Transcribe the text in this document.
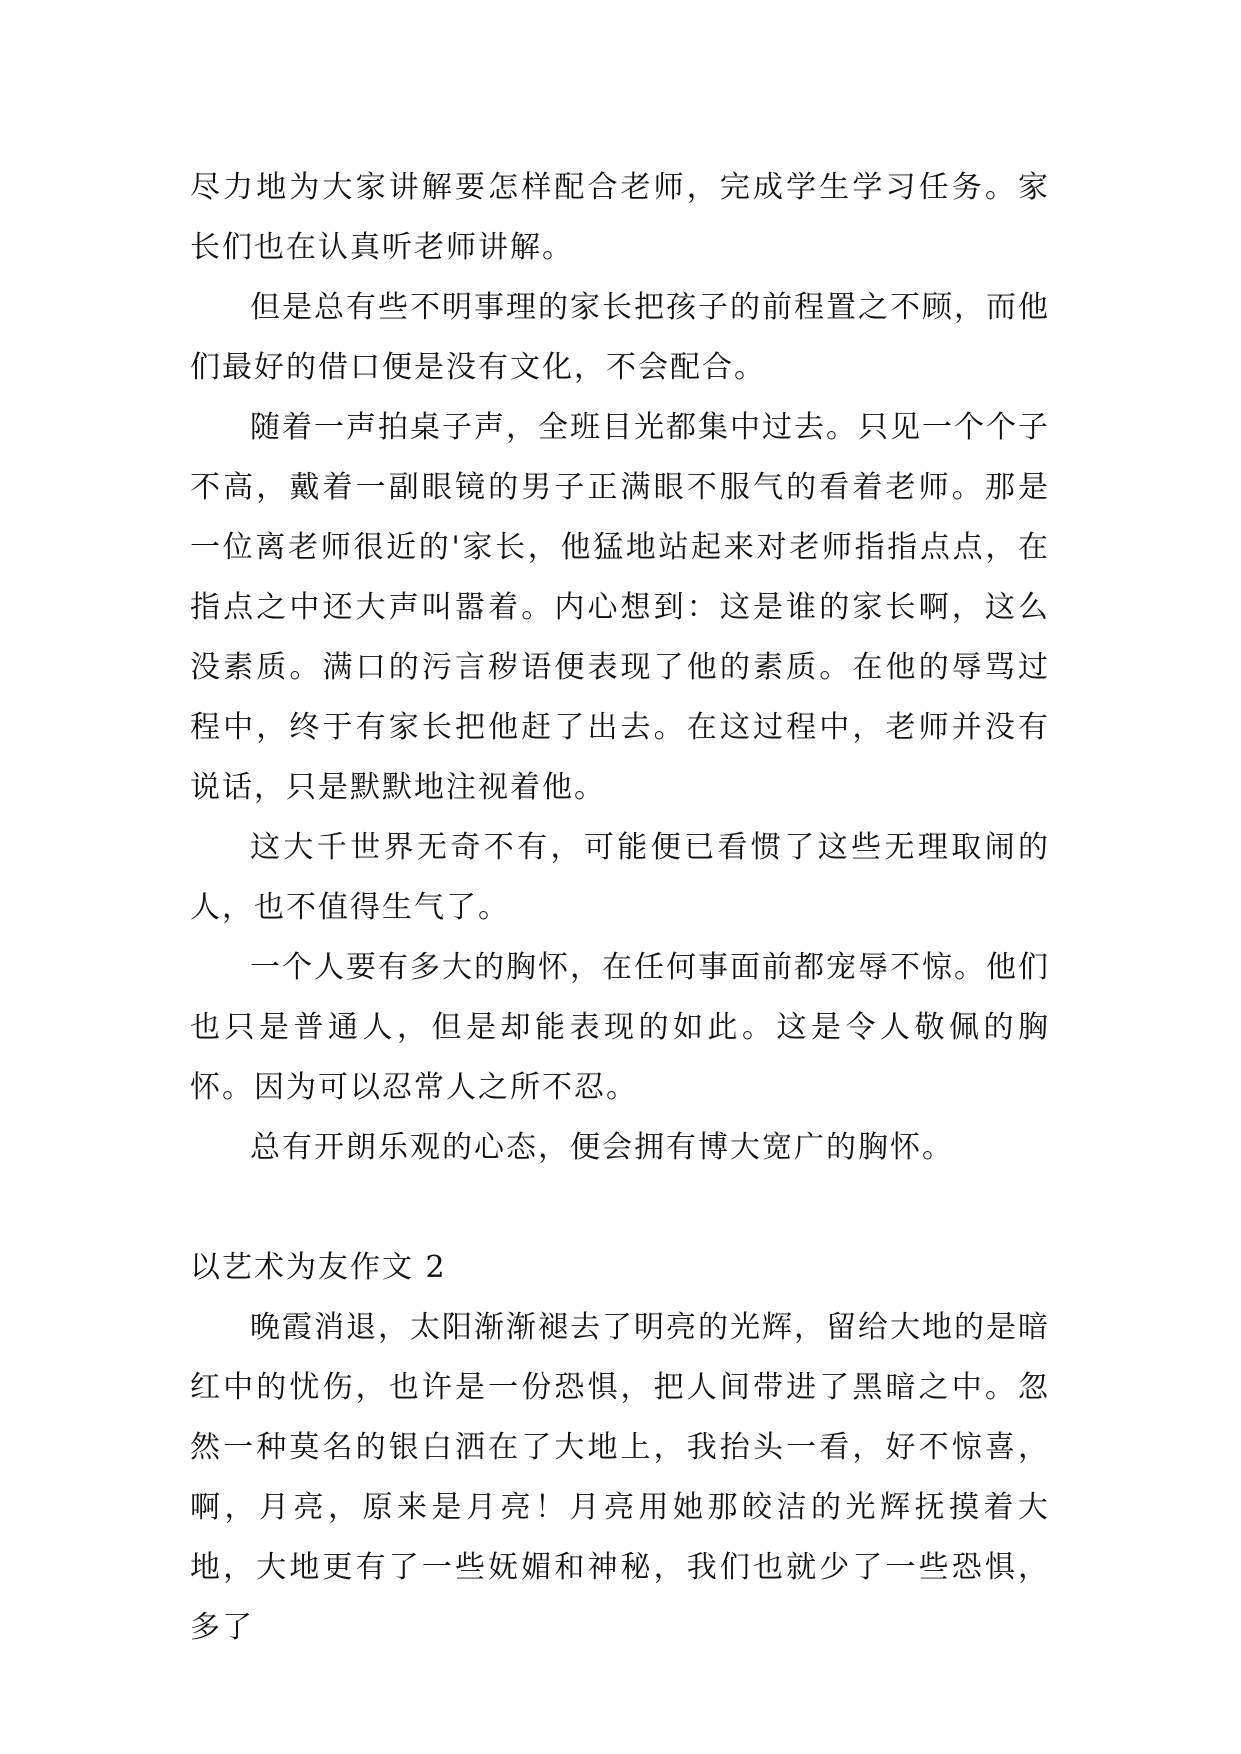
尽力地为大家讲解要怎样配合老师，完成学生学习任务。家长们也在认真听老师讲解。

但是总有些不明事理的家长把孩子的前程置之不顾，而他们最好的借口便是没有文化，不会配合。

随着一声拍桌子声，全班目光都集中过去。只见一个个子不高，戴着一副眼镜的男子正满眼不服气的看着老师。那是一位离老师很近的'家长，他猛地站起来对老师指指点点，在指点之中还大声叫嚣着。内心想到：这是谁的家长啊，这么没素质。满口的污言秽语便表现了他的素质。在他的辱骂过程中，终于有家长把他赶了出去。在这过程中，老师并没有说话，只是默默地注视着他。

这大千世界无奇不有，可能便已看惯了这些无理取闹的人，也不值得生气了。

一个人要有多大的胸怀，在任何事面前都宠辱不惊。他们也只是普通人，但是却能表现的如此。这是令人敬佩的胸怀。因为可以忍常人之所不忍。

总有开朗乐观的心态，便会拥有博大宽广的胸怀。

以艺术为友作文 2

晚霞消退，太阳渐渐褪去了明亮的光辉，留给大地的是暗红中的忧伤，也许是一份恐惧，把人间带进了黑暗之中。忽然一种莫名的银白洒在了大地上，我抬头一看，好不惊喜，啊，月亮，原来是月亮！月亮用她那皎洁的光辉抚摸着大地，大地更有了一些妩媚和神秘，我们也就少了一些恐惧，多了
